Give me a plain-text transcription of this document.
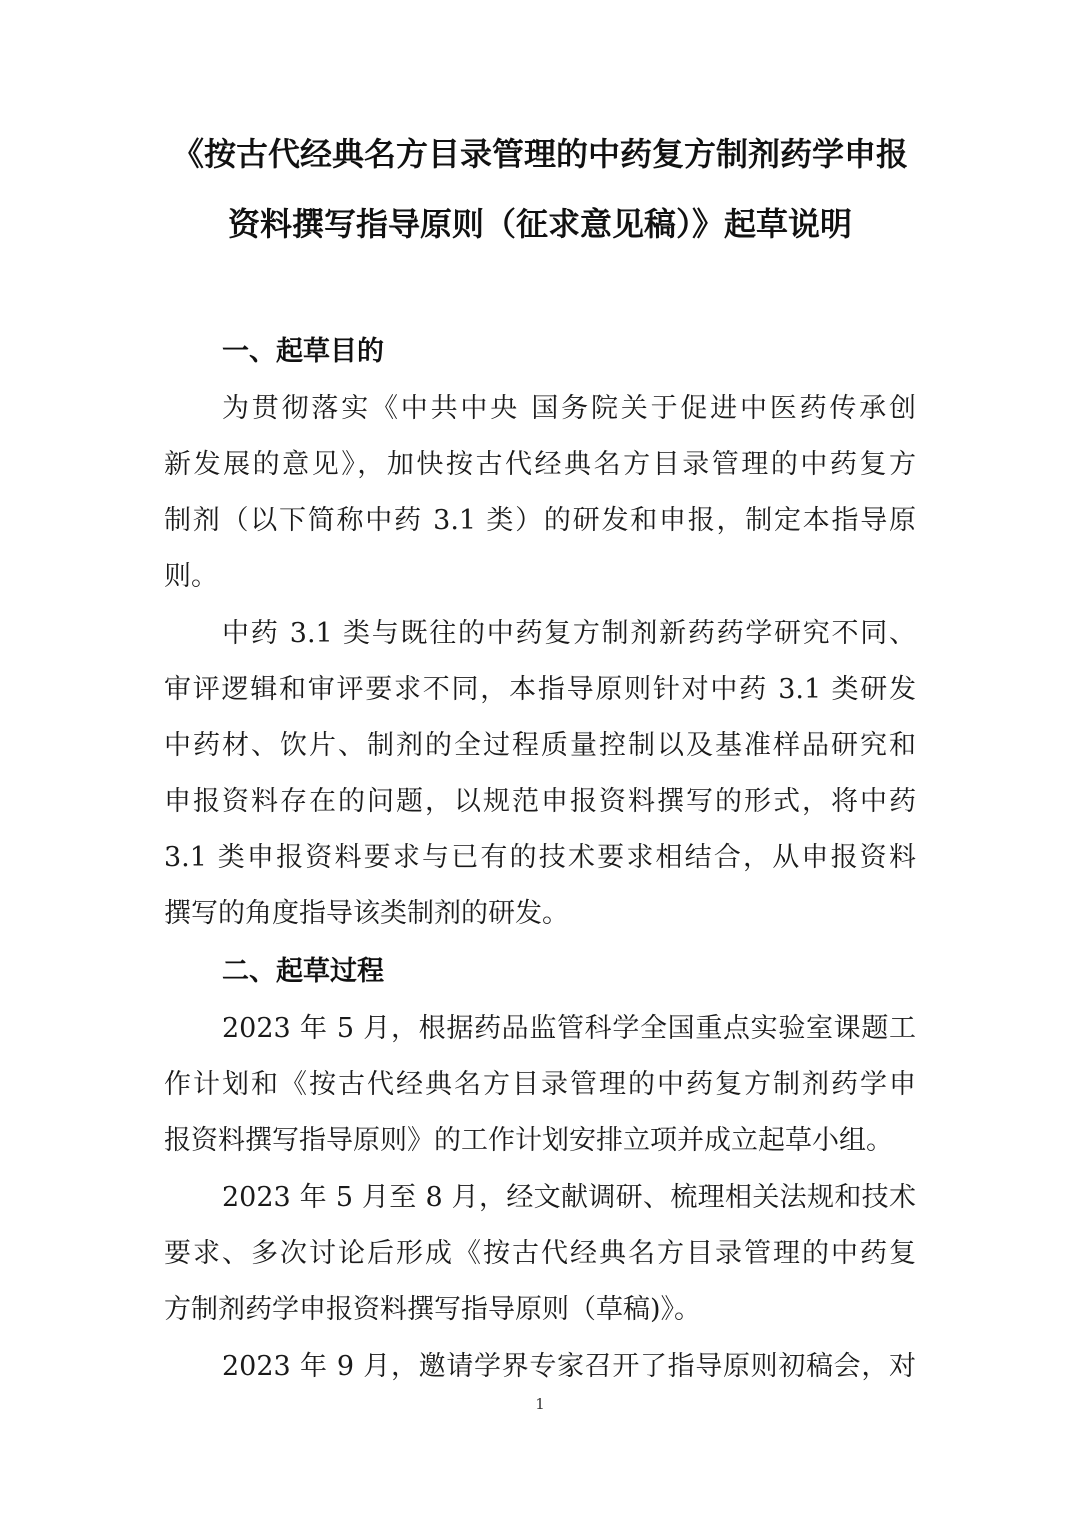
《按古代经典名方目录管理的中药复方制剂药学申报
资料撰写指导原则（征求意见稿）》起草说明
一、起草目的
为贯彻落实《中共中央 国务院关于促进中医药传承创
新发展的意见》，加快按古代经典名方目录管理的中药复方
制剂（以下简称中药 3.1 类）的研发和申报，制定本指导原
则。
中药 3.1 类与既往的中药复方制剂新药药学研究不同、
审评逻辑和审评要求不同，本指导原则针对中药 3.1 类研发
中药材、饮片、制剂的全过程质量控制以及基准样品研究和
申报资料存在的问题，以规范申报资料撰写的形式，将中药
3.1 类申报资料要求与已有的技术要求相结合，从申报资料
撰写的角度指导该类制剂的研发。
二、起草过程
2023 年 5 月，根据药品监管科学全国重点实验室课题工
作计划和《按古代经典名方目录管理的中药复方制剂药学申
报资料撰写指导原则》的工作计划安排立项并成立起草小组。
2023 年 5 月至 8 月，经文献调研、梳理相关法规和技术
要求、多次讨论后形成《按古代经典名方目录管理的中药复
方制剂药学申报资料撰写指导原则（草稿)》。
2023 年 9 月，邀请学界专家召开了指导原则初稿会，对
1
